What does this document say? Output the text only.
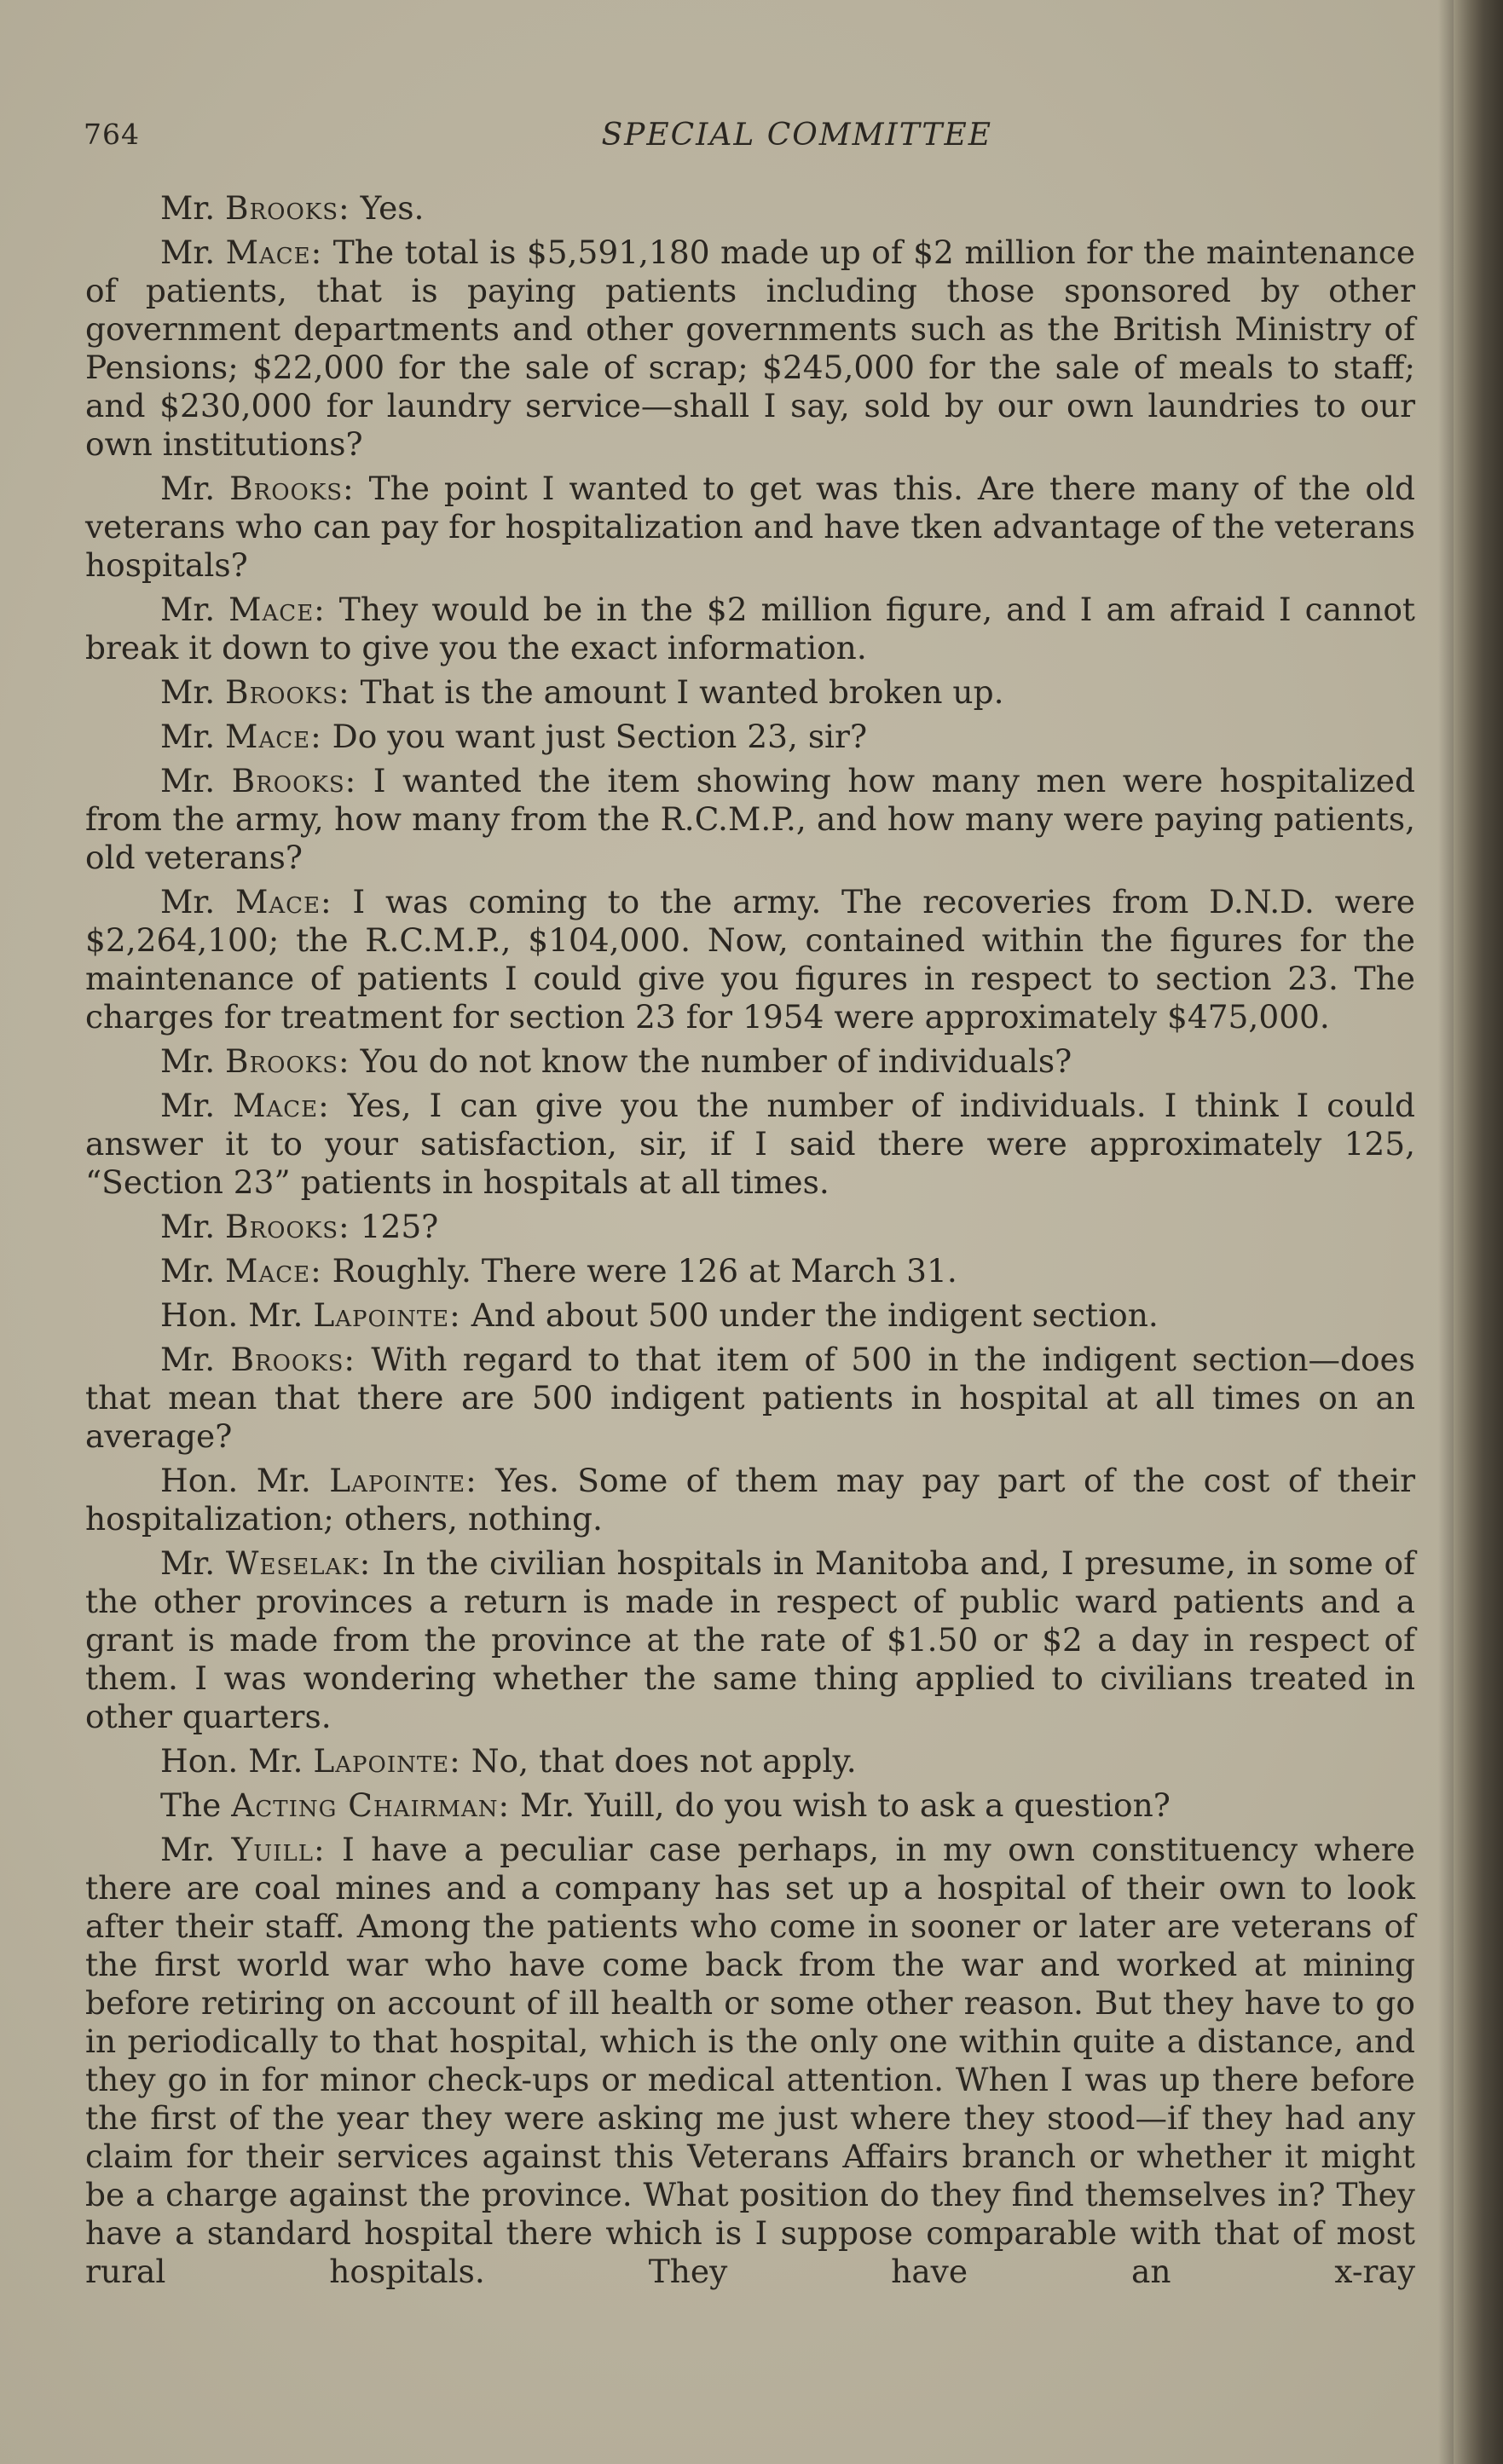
764	SPECIAL COMMITTEE

Mr. Brooks: Yes.

Mr. Mace: The total is $5,591,180 made up of $2 million for the maintenance of patients, that is paying patients including those sponsored by other government departments and other governments such as the British Ministry of Pensions; $22,000 for the sale of scrap; $245,000 for the sale of meals to staff; and $230,000 for laundry service—shall I say, sold by our own laundries to our own institutions?

Mr. Brooks: The point I wanted to get was this. Are there many of the old veterans who can pay for hospitalization and have tken advantage of the veterans hospitals?

Mr. Mace: They would be in the $2 million figure, and I am afraid I cannot break it down to give you the exact information.

Mr. Brooks: That is the amount I wanted broken up.

Mr. Mace: Do you want just Section 23, sir?

Mr. Brooks: I wanted the item showing how many men were hospitalized from the army, how many from the R.C.M.P., and how many were paying patients, old veterans?

Mr. Mace: I was coming to the army. The recoveries from D.N.D. were $2,264,100; the R.C.M.P., $104,000. Now, contained within the figures for the maintenance of patients I could give you figures in respect to section 23. The charges for treatment for section 23 for 1954 were approximately $475,000.

Mr. Brooks: You do not know the number of individuals?

Mr. Mace: Yes, I can give you the number of individuals. I think I could answer it to your satisfaction, sir, if I said there were approximately 125, “Section 23” patients in hospitals at all times.

Mr. Brooks: 125?

Mr. Mace: Roughly. There were 126 at March 31.

Hon. Mr. Lapointe: And about 500 under the indigent section.

Mr. Brooks: With regard to that item of 500 in the indigent section—does that mean that there are 500 indigent patients in hospital at all times on an average?

Hon. Mr. Lapointe: Yes. Some of them may pay part of the cost of their hospitalization; others, nothing.

Mr. Weselak: In the civilian hospitals in Manitoba and, I presume, in some of the other provinces a return is made in respect of public ward patients and a grant is made from the province at the rate of $1.50 or $2 a day in respect of them. I was wondering whether the same thing applied to civilians treated in other quarters.

Hon. Mr. Lapointe: No, that does not apply.

The Acting Chairman: Mr. Yuill, do you wish to ask a question?

Mr. Yuill: I have a peculiar case perhaps, in my own constituency where there are coal mines and a company has set up a hospital of their own to look after their staff. Among the patients who come in sooner or later are veterans of the first world war who have come back from the war and worked at mining before retiring on account of ill health or some other reason. But they have to go in periodically to that hospital, which is the only one within quite a distance, and they go in for minor check-ups or medical attention. When I was up there before the first of the year they were asking me just where they stood—if they had any claim for their services against this Veterans Affairs branch or whether it might be a charge against the province. What position do they find themselves in? They have a standard hospital there which is I suppose comparable with that of most rural hospitals. They have an x-ray
